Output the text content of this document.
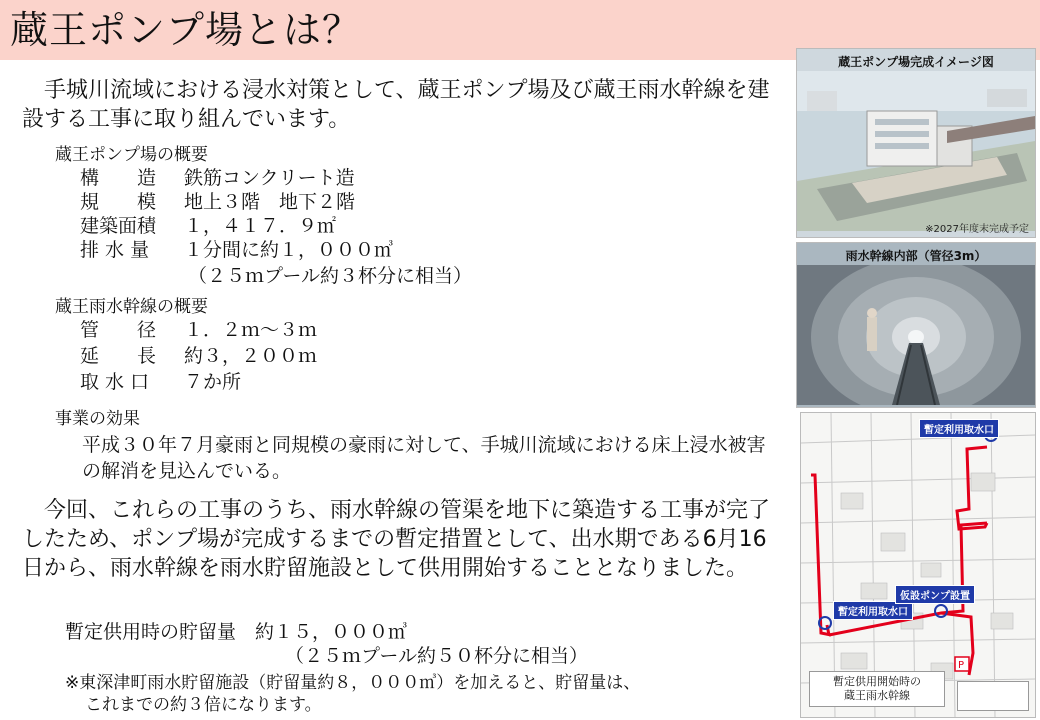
蔵王ポンプ場とは？
　手城川流域における浸水対策として、蔵王ポンプ場及び蔵王雨水幹線を建設する工事に取り組んでいます。
蔵王ポンプ場の概要
構　　造 鉄筋コンクリート造
規　　模 地上３階　地下２階
建築面積 １，４１７．９㎡
排 水 量 １分間に約１，０００㎥
（２５ｍプール約３杯分に相当）
蔵王雨水幹線の概要
管　　径 １．２ｍ～３ｍ
延　　長 約３，２００ｍ
取 水 口 ７か所
事業の効果
平成３０年７月豪雨と同規模の豪雨に対して、手城川流域における床上浸水被害の解消を見込んでいる。
　今回、これらの工事のうち、雨水幹線の管渠を地下に築造する工事が完了したため、ポンプ場が完成するまでの暫定措置として、出水期である6月16日から、雨水幹線を雨水貯留施設として供用開始することとなりました。
暫定供用時の貯留量　約１５，０００㎥
（２５ｍプール約５０杯分に相当）
※東深津町雨水貯留施設（貯留量約８，０００㎥）を加えると、貯留量は、
これまでの約３倍になります。
蔵王ポンプ場完成イメージ図
※2027年度末完成予定
雨水幹線内部（管径3m）
P
暫定利用取水口
暫定利用取水口
仮設ポンプ設置
暫定供用開始時の
蔵王雨水幹線
